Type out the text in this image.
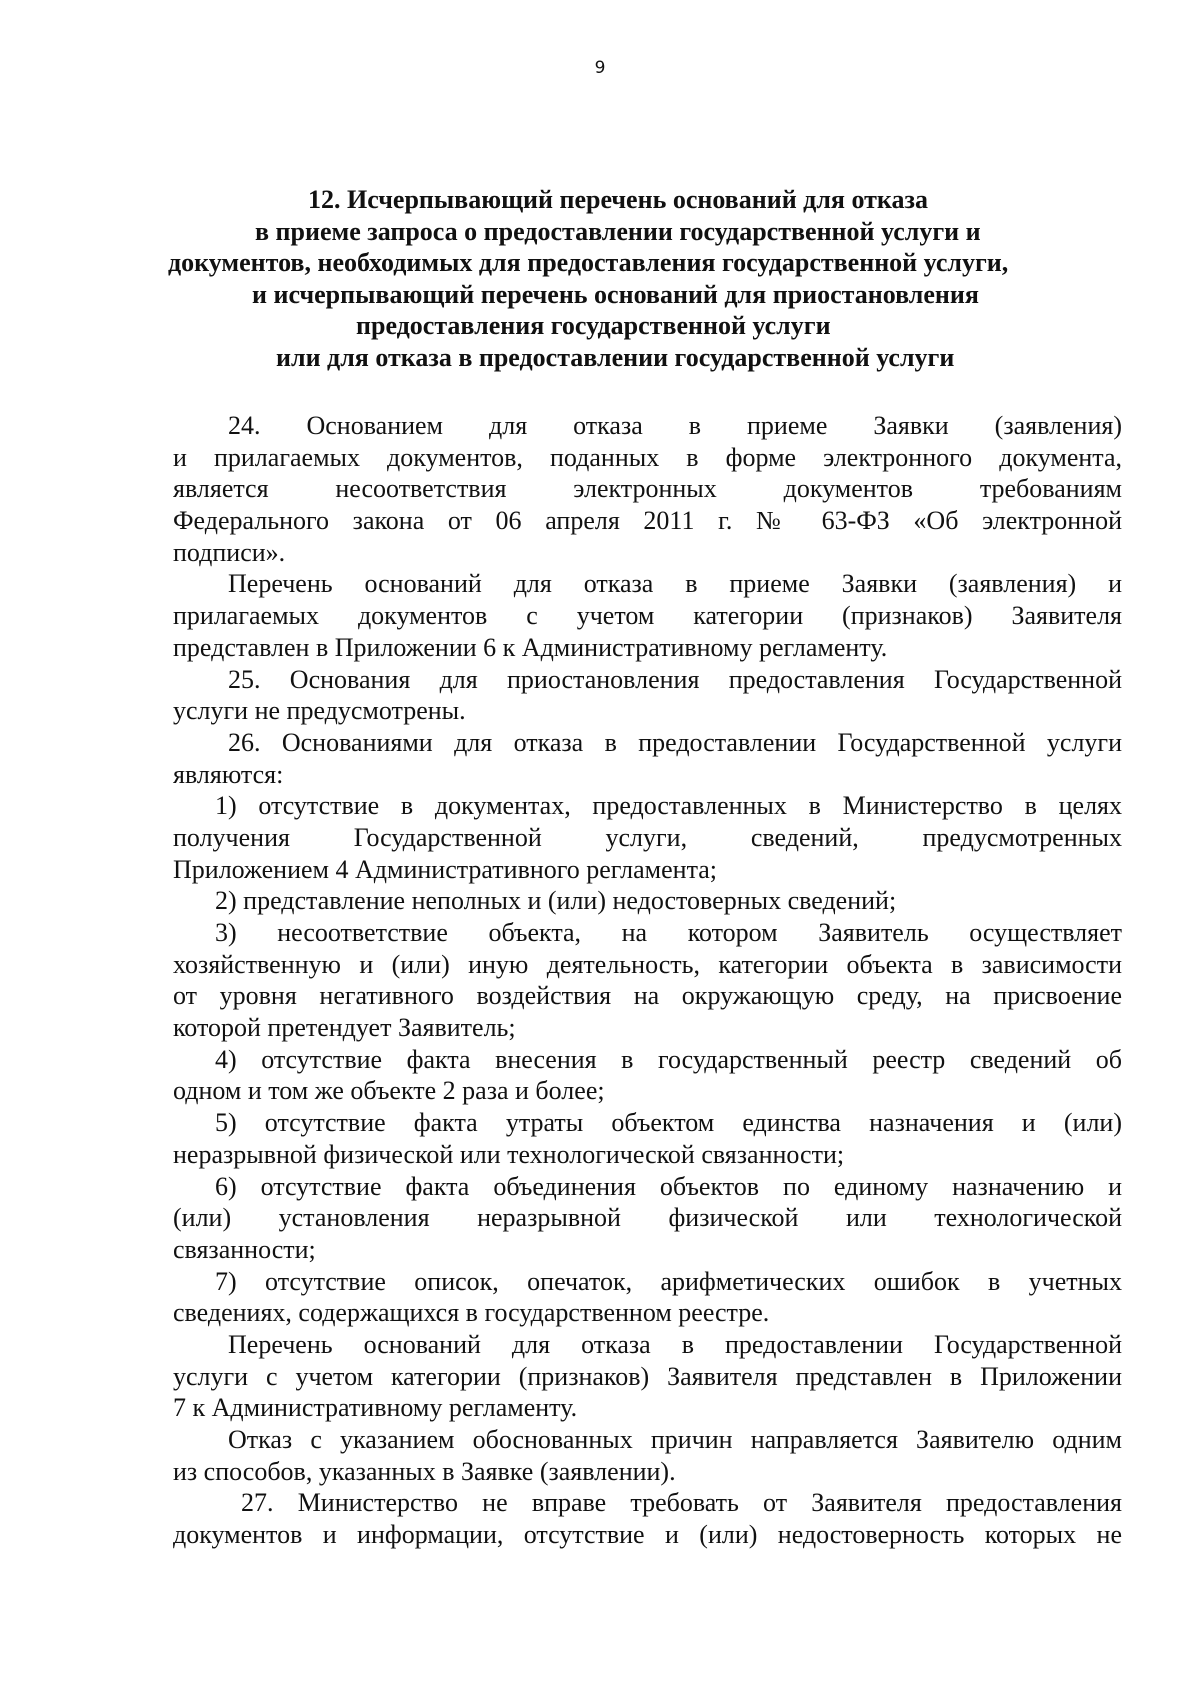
9
12. Исчерпывающий перечень оснований для отказа
в приеме запроса о предоставлении государственной услуги и
документов, необходимых для предоставления государственной услуги,
и исчерпывающий перечень оснований для приостановления
предоставления государственной услуги
или для отказа в предоставлении государственной услуги
24. Основанием для отказа в приеме Заявки (заявления)
и прилагаемых документов, поданных в форме электронного документа,
является несоответствия электронных документов требованиям
Федерального закона от 06 апреля 2011 г. № 63-ФЗ «Об электронной
подписи».
Перечень оснований для отказа в приеме Заявки (заявления) и
прилагаемых документов с учетом категории (признаков) Заявителя
представлен в Приложении 6 к Административному регламенту.
25. Основания для приостановления предоставления Государственной
услуги не предусмотрены.
26. Основаниями для отказа в предоставлении Государственной услуги
являются:
1) отсутствие в документах, предоставленных в Министерство в целях
получения Государственной услуги, сведений, предусмотренных
Приложением 4 Административного регламента;
2) представление неполных и (или) недостоверных сведений;
3) несоответствие объекта, на котором Заявитель осуществляет
хозяйственную и (или) иную деятельность, категории объекта в зависимости
от уровня негативного воздействия на окружающую среду, на присвоение
которой претендует Заявитель;
4) отсутствие факта внесения в государственный реестр сведений об
одном и том же объекте 2 раза и более;
5) отсутствие факта утраты объектом единства назначения и (или)
неразрывной физической или технологической связанности;
6) отсутствие факта объединения объектов по единому назначению и
(или) установления неразрывной физической или технологической
связанности;
7) отсутствие описок, опечаток, арифметических ошибок в учетных
сведениях, содержащихся в государственном реестре.
Перечень оснований для отказа в предоставлении Государственной
услуги с учетом категории (признаков) Заявителя представлен в Приложении
7 к Административному регламенту.
Отказ с указанием обоснованных причин направляется Заявителю одним
из способов, указанных в Заявке (заявлении).
27. Министерство не вправе требовать от Заявителя предоставления
документов и информации, отсутствие и (или) недостоверность которых не
